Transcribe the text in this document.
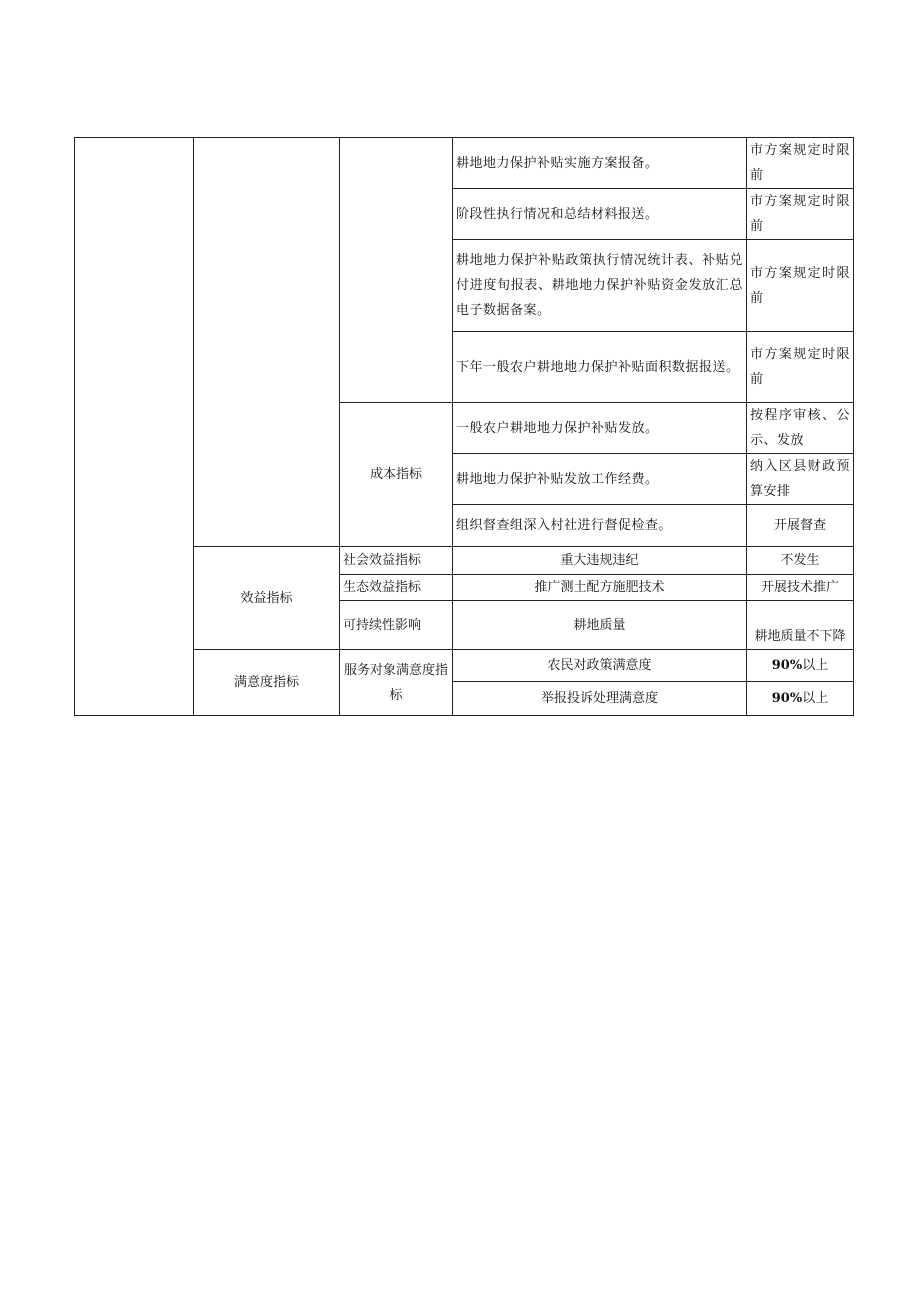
			耕地地力保护补贴实施方案报备。	市方案规定时限前
			阶段性执行情况和总结材料报送。	市方案规定时限前
			耕地地力保护补贴政策执行情况统计表、补贴兑付进度旬报表、耕地地力保护补贴资金发放汇总电子数据备案。	市方案规定时限前
			下年一般农户耕地地力保护补贴面积数据报送。	市方案规定时限前
		成本指标	一般农户耕地地力保护补贴发放。	按程序审核、公示、发放
			耕地地力保护补贴发放工作经费。	纳入区县财政预算安排
			组织督查组深入村社进行督促检查。	开展督查
	效益指标	社会效益指标	重大违规违纪	不发生
		生态效益指标	推广测土配方施肥技术	开展技术推广
		可持续性影响	耕地质量	耕地质量不下降
	满意度指标	服务对象满意度指标	农民对政策满意度	90%以上
			举报投诉处理满意度	90%以上
